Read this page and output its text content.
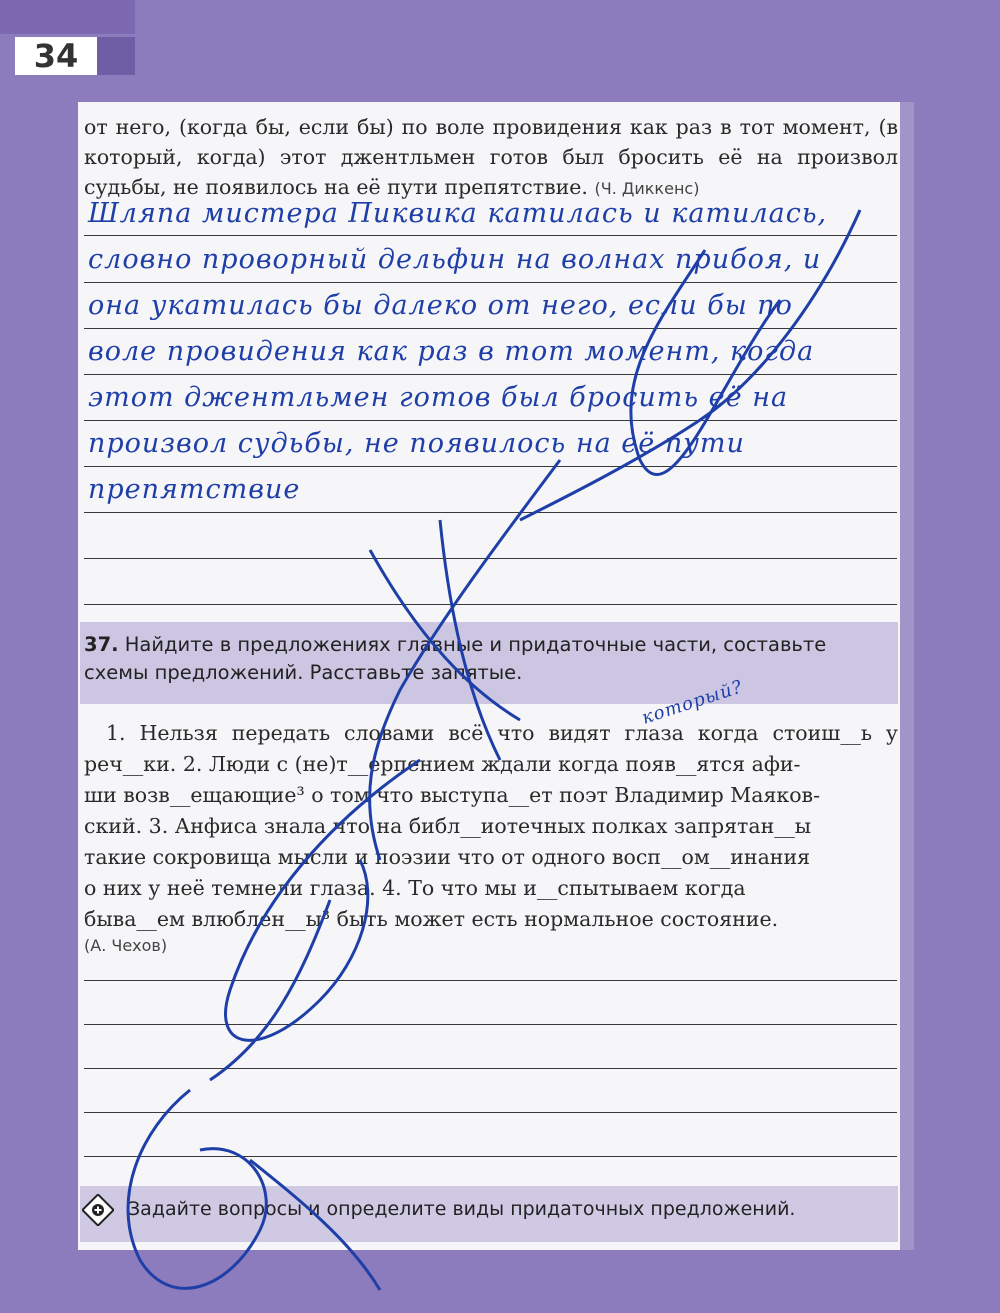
34
от него, (когда бы, если бы) по воле провидения как раз в тот момент, (в который, когда) этот джентльмен готов был бросить её на произвол судьбы, не появилось на её пути препятствие. (Ч. Диккенс)
Шляпа мистера Пиквика катилась и катилась,
словно проворный дельфин на волнах прибоя, и
она укатилась бы далеко от него, если бы по
воле провидения как раз в тот момент, когда
этот джентльмен готов был бросить её на
произвол судьбы, не появилось на её пути
препятствие
37. Найдите в предложениях главные и придаточные части, составьте схемы предложений. Расставьте запятые.
который?
1. Нельзя передать словами всё что видят глаза когда стоиш__ь у реч__ки. 2. Люди с (не)т__ерпением ждали когда появ__ятся афи-
ши возв__ещающие³ о том что выступа__ет поэт Владимир Маяков-
ский. 3. Анфиса знала что на библ__иотечных полках запрятан__ы
такие сокровища мысли и поэзии что от одного восп__ом__инания
о них у неё темнели глаза. 4. То что мы и__спытываем когда
быва__ем влюблен__ы³ быть может есть нормальное состояние.
(А. Чехов)
Задайте вопросы и определите виды придаточных предложений.
